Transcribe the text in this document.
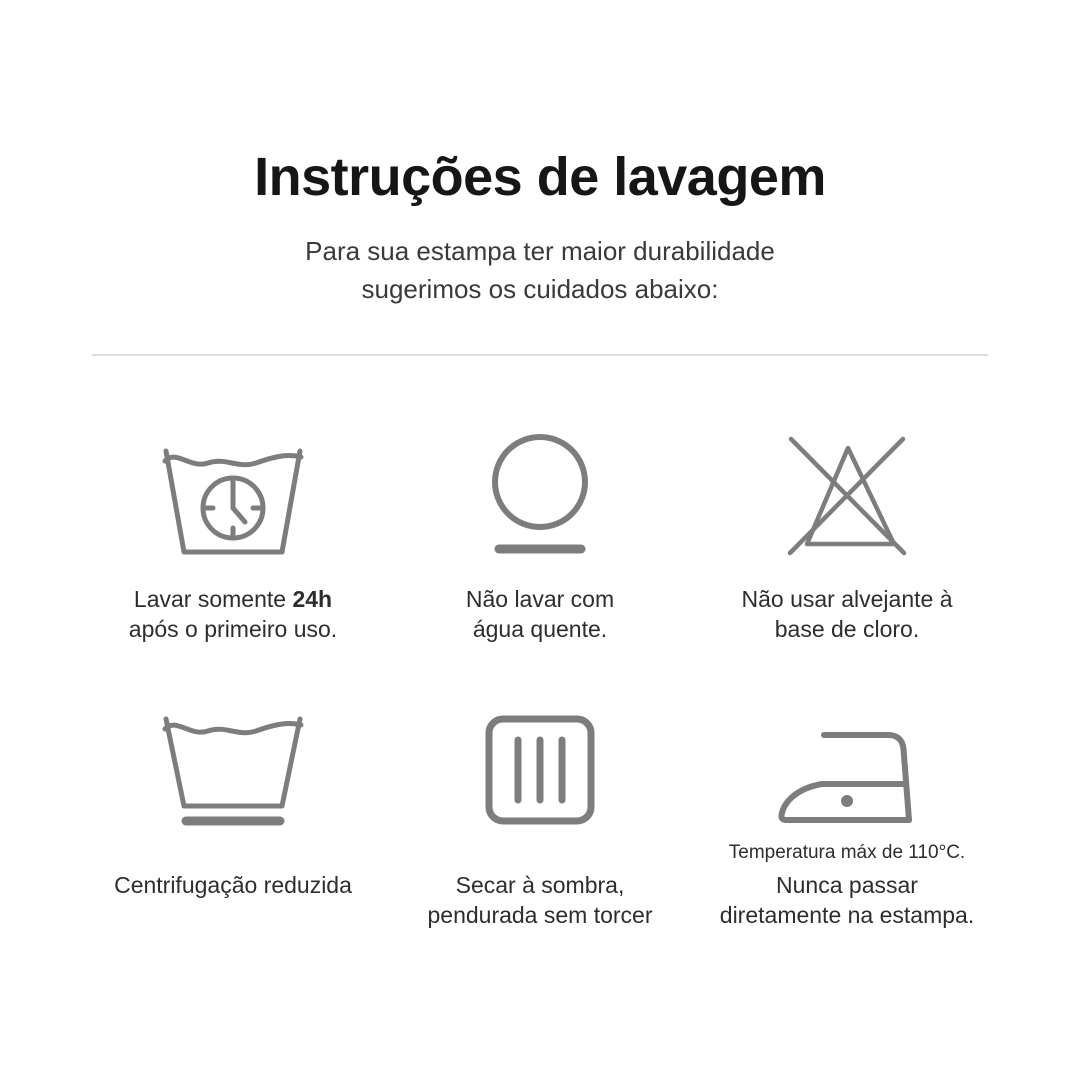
Instruções de lavagem
Para sua estampa ter maior durabilidade
sugerimos os cuidados abaixo:
Lavar somente 24h
após o primeiro uso.
Não lavar com
água quente.
Não usar alvejante à
base de cloro.
Centrifugação reduzida	Secar à sombra,
pendurada sem torcer
Temperatura máx de 110°C.
Nunca passar
diretamente na estampa.
